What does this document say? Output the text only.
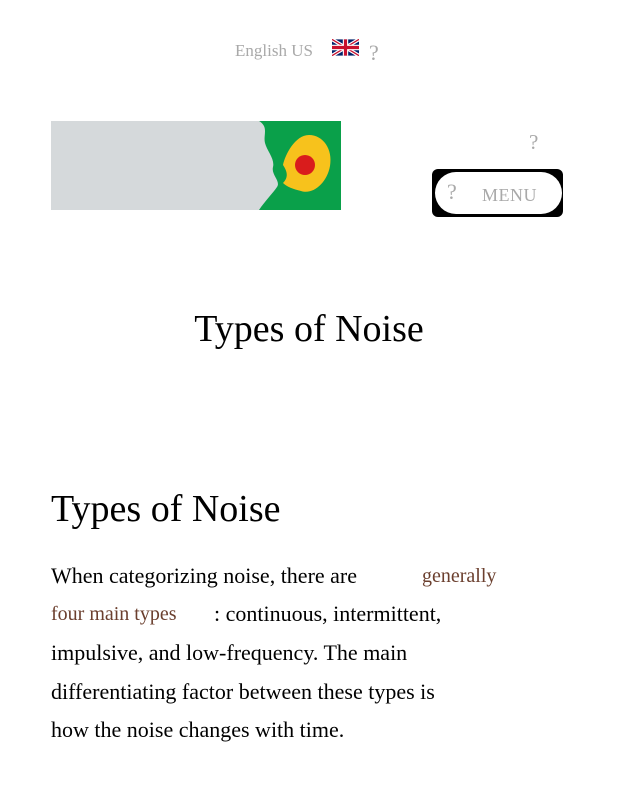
English US	?
?
? MENU
Types of Noise
Types of Noise
When categorizing noise, there are	generally
four main types : continuous, intermittent,
impulsive, and low-frequency. The main
differentiating factor between these types is
how the noise changes with time.
